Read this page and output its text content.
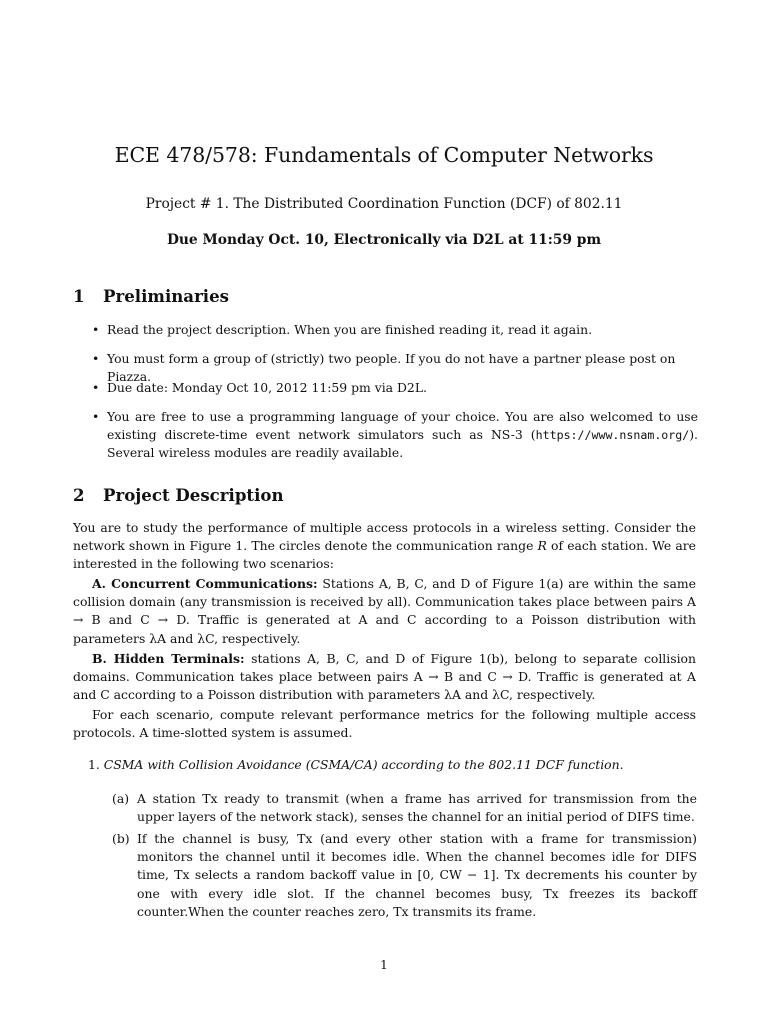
ECE 478/578: Fundamentals of Computer Networks
Project # 1. The Distributed Coordination Function (DCF) of 802.11
Due Monday Oct. 10, Electronically via D2L at 11:59 pm
1 Preliminaries
• Read the project description. When you are finished reading it, read it again.
• You must form a group of (strictly) two people. If you do not have a partner please post on Piazza.
• Due date: Monday Oct 10, 2012 11:59 pm via D2L.
• You are free to use a programming language of your choice. You are also welcomed to use existing discrete-time event network simulators such as NS-3 (https://www.nsnam.org/). Several wireless modules are readily available.
2 Project Description
You are to study the performance of multiple access protocols in a wireless setting. Consider the network shown in Figure 1. The circles denote the communication range R of each station. We are interested in the following two scenarios:
A. Concurrent Communications: Stations A, B, C, and D of Figure 1(a) are within the same collision domain (any transmission is received by all). Communication takes place between pairs A → B and C → D. Traffic is generated at A and C according to a Poisson distribution with parameters λA and λC, respectively.
B. Hidden Terminals: stations A, B, C, and D of Figure 1(b), belong to separate collision domains. Communication takes place between pairs A → B and C → D. Traffic is generated at A and C according to a Poisson distribution with parameters λA and λC, respectively.
For each scenario, compute relevant performance metrics for the following multiple access protocols. A time-slotted system is assumed.
1. CSMA with Collision Avoidance (CSMA/CA) according to the 802.11 DCF function.
(a) A station Tx ready to transmit (when a frame has arrived for transmission from the upper layers of the network stack), senses the channel for an initial period of DIFS time.
(b) If the channel is busy, Tx (and every other station with a frame for transmission) monitors the channel until it becomes idle. When the channel becomes idle for DIFS time, Tx selects a random backoff value in [0, CW − 1]. Tx decrements his counter by one with every idle slot. If the channel becomes busy, Tx freezes its backoff counter.When the counter reaches zero, Tx transmits its frame.
1
